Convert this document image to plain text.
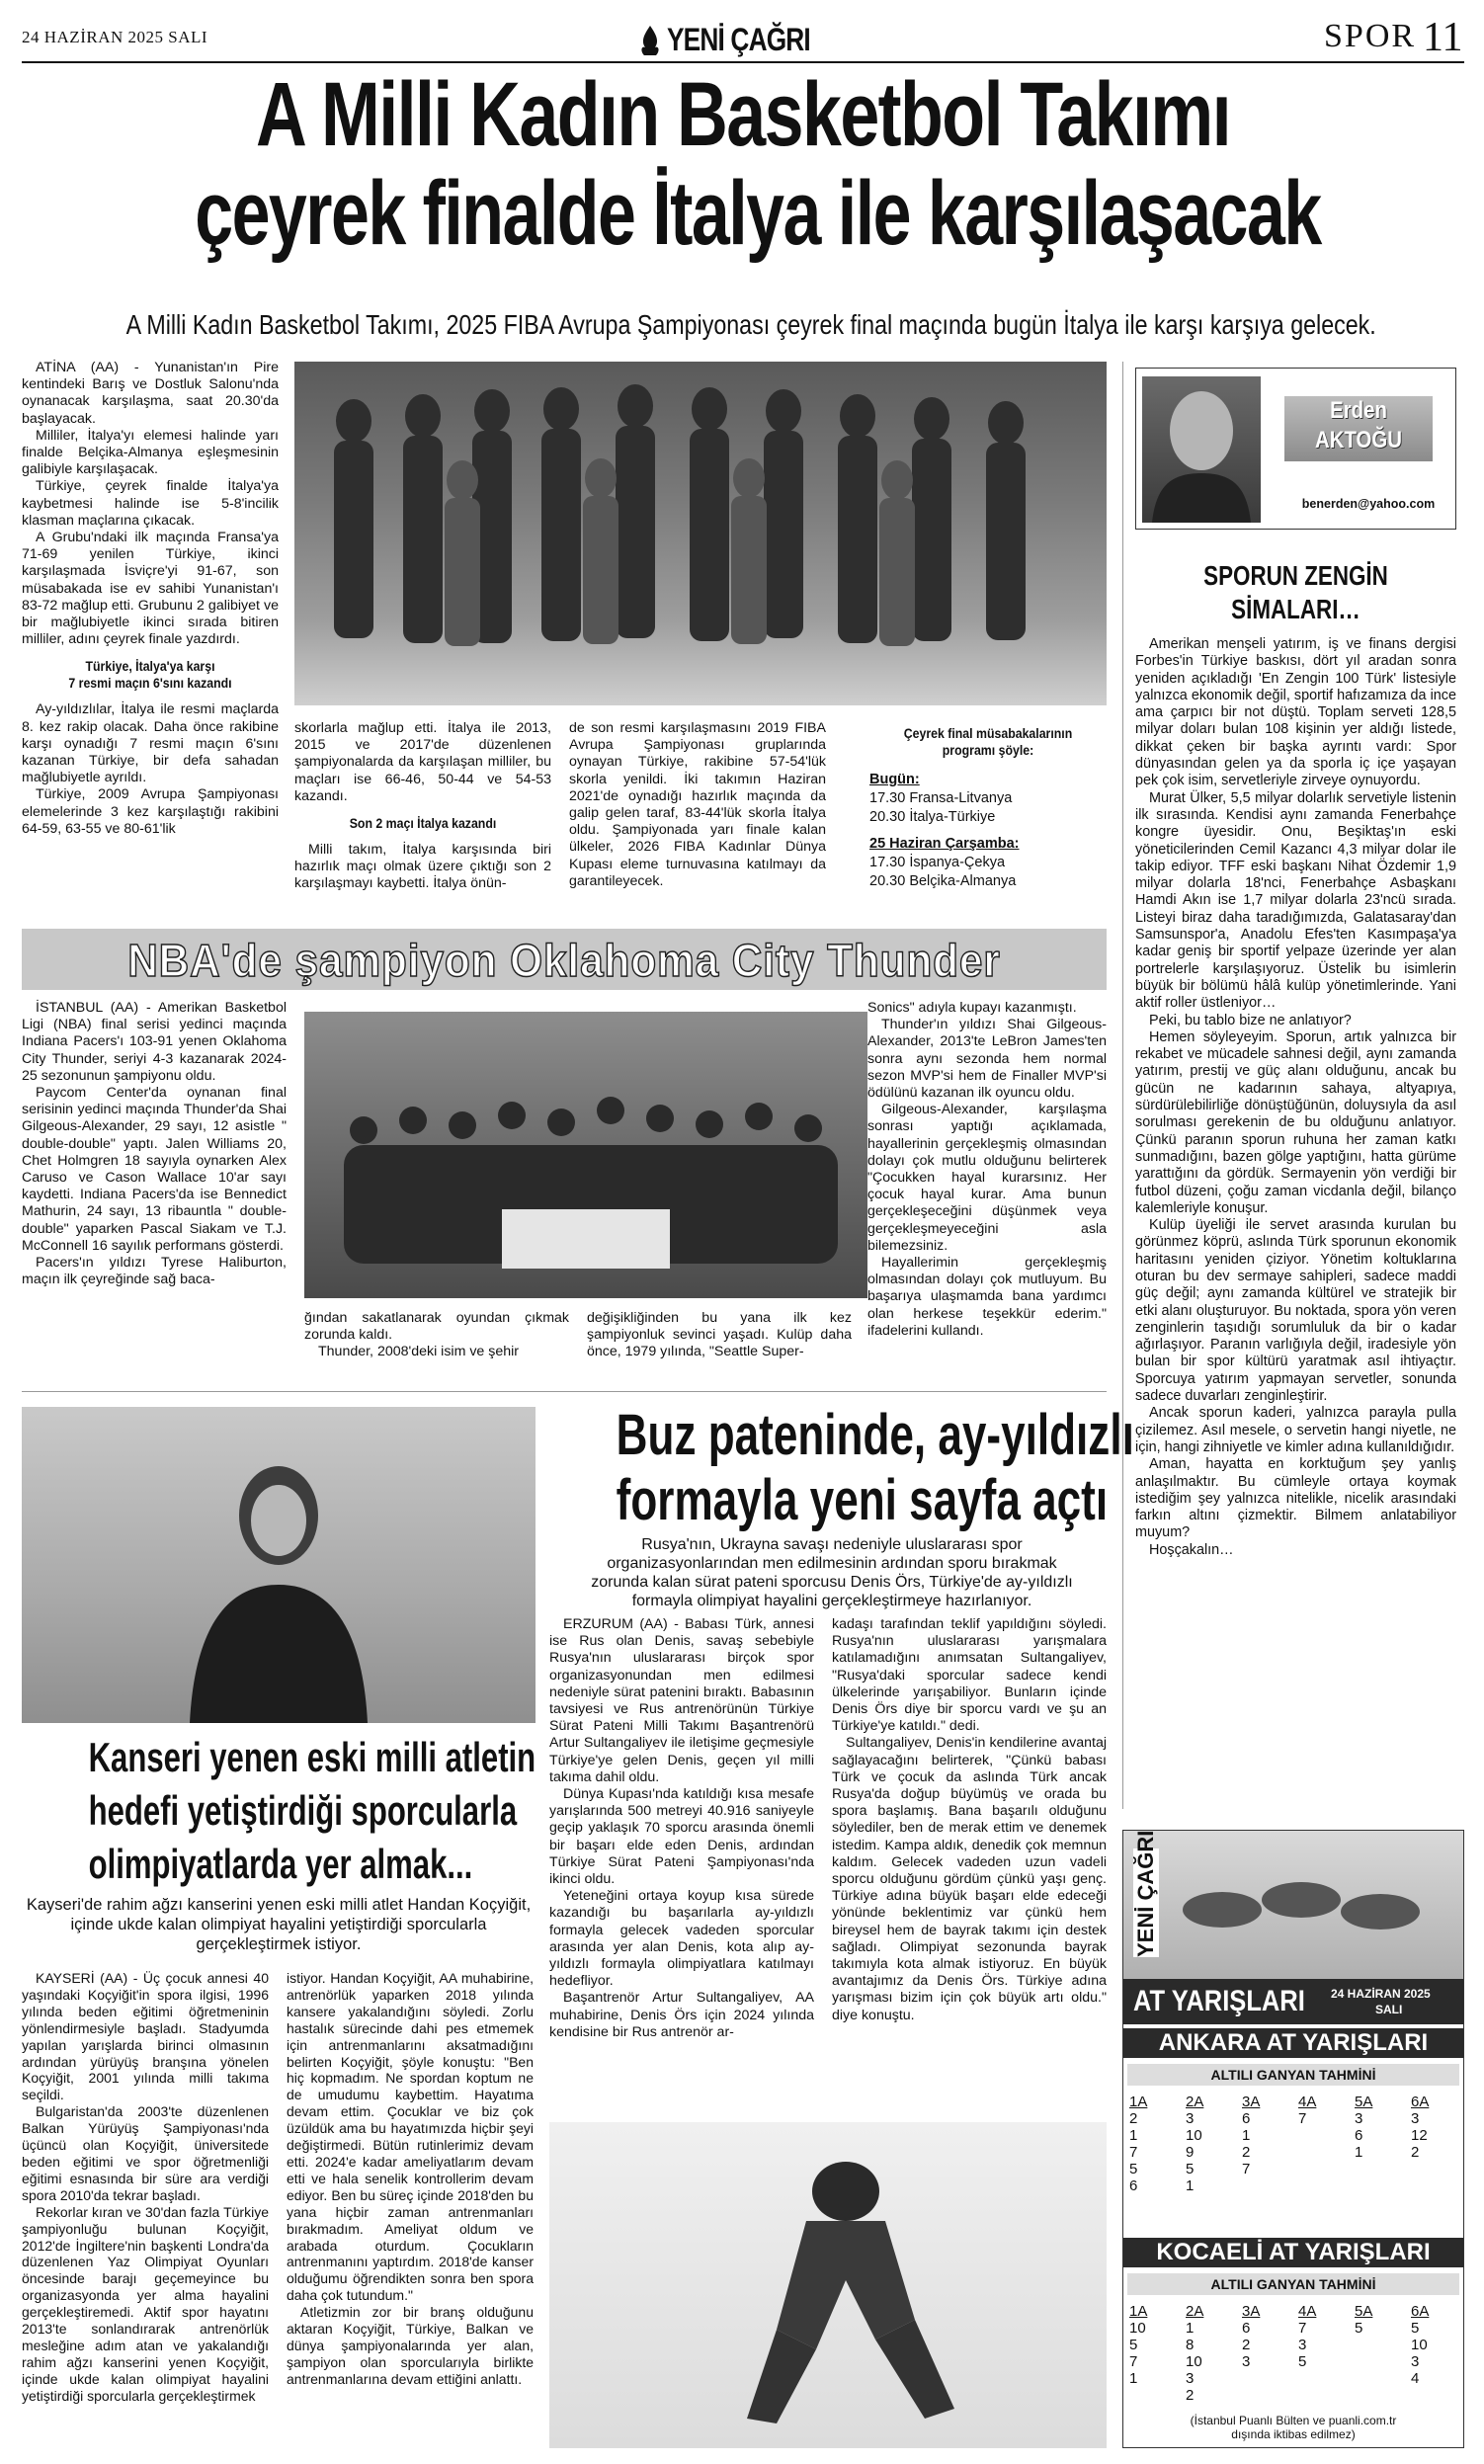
24 HAZİRAN 2025 SALI	YENİ ÇAĞRI	SPOR 11
A Milli Kadın Basketbol Takımı
çeyrek finalde İtalya ile karşılaşacak
A Milli Kadın Basketbol Takımı, 2025 FIBA Avrupa Şampiyonası çeyrek final maçında bugün İtalya ile karşı karşıya gelecek.
ATİNA (AA) - Yunanistan'ın Pire kentindeki Barış ve Dostluk Salonu'nda oynanacak karşılaşma, saat 20.30'da başlayacak.
Milliler, İtalya'yı elemesi halinde yarı finalde Belçika-Almanya eşleşmesinin galibiyle karşılaşacak.
Türkiye, çeyrek finalde İtalya'ya kaybetmesi halinde ise 5-8'incilik klasman maçlarına çıkacak.
A Grubu'ndaki ilk maçında Fransa'ya 71-69 yenilen Türkiye, ikinci karşılaşmada İsviçre'yi 91-67, son müsabakada ise ev sahibi Yunanistan'ı 83-72 mağlup etti. Grubunu 2 galibiyet ve bir mağlubiyetle ikinci sırada bitiren milliler, adını çeyrek finale yazdırdı.
Türkiye, İtalya'ya karşı
7 resmi maçın 6'sını kazandı
Ay-yıldızlılar, İtalya ile resmi maçlarda 8. kez rakip olacak. Daha önce rakibine karşı oynadığı 7 resmi maçın 6'sını kazanan Türkiye, bir defa sahadan mağlubiyetle ayrıldı.
Türkiye, 2009 Avrupa Şampiyonası elemelerinde 3 kez karşılaştığı rakibini 64-59, 63-55 ve 80-61'lik
skorlarla mağlup etti. İtalya ile 2013, 2015 ve 2017'de düzenlenen şampiyonalarda da karşılaşan milliler, bu maçları ise 66-46, 50-44 ve 54-53 kazandı.
Son 2 maçı İtalya kazandı
Milli takım, İtalya karşısında biri hazırlık maçı olmak üzere çıktığı son 2 karşılaşmayı kaybetti. İtalya önün-
de son resmi karşılaşmasını 2019 FIBA Avrupa Şampiyonası gruplarında oynayan Türkiye, rakibine 57-54'lük skorla yenildi. İki takımın Haziran 2021'de oynadığı hazırlık maçında da galip gelen taraf, 83-44'lük skorla İtalya oldu. Şampiyonada yarı finale kalan ülkeler, 2026 FIBA Kadınlar Dünya Kupası eleme turnuvasına katılmayı da garantileyecek.
Çeyrek final müsabakalarının
programı şöyle:
Bugün:
17.30 Fransa-Litvanya
20.30 İtalya-Türkiye
25 Haziran Çarşamba:
17.30 İspanya-Çekya
20.30 Belçika-Almanya
Erden
AKTOĞU
benerden@yahoo.com
SPORUN ZENGİN
SİMALARI…
Amerikan menşeli yatırım, iş ve finans dergisi Forbes'in Türkiye baskısı, dört yıl aradan sonra yeniden açıkladığı 'En Zengin 100 Türk' listesiyle yalnızca ekonomik değil, sportif hafızamıza da ince ama çarpıcı bir not düştü. Toplam serveti 128,5 milyar doları bulan 108 kişinin yer aldığı listede, dikkat çeken bir başka ayrıntı vardı: Spor dünyasından gelen ya da sporla iç içe yaşayan pek çok isim, servetleriyle zirveye oynuyordu.
Murat Ülker, 5,5 milyar dolarlık servetiyle listenin ilk sırasında. Kendisi aynı zamanda Fenerbahçe kongre üyesidir. Onu, Beşiktaş'ın eski yöneticilerinden Cemil Kazancı 4,3 milyar dolar ile takip ediyor. TFF eski başkanı Nihat Özdemir 1,9 milyar dolarla 18'nci, Fenerbahçe Asbaşkanı Hamdi Akın ise 1,7 milyar dolarla 23'ncü sırada. Listeyi biraz daha taradığımızda, Galatasaray'dan Samsunspor'a, Anadolu Efes'ten Kasımpaşa'ya kadar geniş bir sportif yelpaze üzerinde yer alan portrelerle karşılaşıyoruz. Üstelik bu isimlerin büyük bir bölümü hâlâ kulüp yönetimlerinde. Yani aktif roller üstleniyor…
Peki, bu tablo bize ne anlatıyor?
Hemen söyleyeyim. Sporun, artık yalnızca bir rekabet ve mücadele sahnesi değil, aynı zamanda yatırım, prestij ve güç alanı olduğunu, ancak bu gücün ne kadarının sahaya, altyapıya, sürdürülebilirliğe dönüştüğünün, doluysıyla da asıl sorulması gerekenin de bu olduğunu anlatıyor. Çünkü paranın sporun ruhuna her zaman katkı sunmadığını, bazen gölge yaptığını, hatta gürüme yarattığını da gördük. Sermayenin yön verdiği bir futbol düzeni, çoğu zaman vicdanla değil, bilanço kalemleriyle konuşur.
Kulüp üyeliği ile servet arasında kurulan bu görünmez köprü, aslında Türk sporunun ekonomik haritasını yeniden çiziyor. Yönetim koltuklarına oturan bu dev sermaye sahipleri, sadece maddi güç değil; aynı zamanda kültürel ve stratejik bir etki alanı oluşturuyor. Bu noktada, spora yön veren zenginlerin taşıdığı sorumluluk da bir o kadar ağırlaşıyor. Paranın varlığıyla değil, iradesiyle yön bulan bir spor kültürü yaratmak asıl ihtiyaçtır. Sporcuya yatırım yapmayan servetler, sonunda sadece duvarları zenginleştirir.
Ancak sporun kaderi, yalnızca parayla pulla çizilemez. Asıl mesele, o servetin hangi niyetle, ne için, hangi zihniyetle ve kimler adına kullanıldığıdır.
Aman, hayatta en korktuğum şey yanlış anlaşılmaktır. Bu cümleyle ortaya koymak istediğim şey yalnızca nitelikle, nicelik arasındaki farkın altını çizmektir. Bilmem anlatabiliyor muyum?
Hoşçakalın…
NBA'de şampiyon Oklahoma City Thunder
İSTANBUL (AA) - Amerikan Basketbol Ligi (NBA) final serisi yedinci maçında Indiana Pacers'ı 103-91 yenen Oklahoma City Thunder, seriyi 4-3 kazanarak 2024-25 sezonunun şampiyonu oldu.
Paycom Center'da oynanan final serisinin yedinci maçında Thunder'da Shai Gilgeous-Alexander, 29 sayı, 12 asistle " double-double" yaptı. Jalen Williams 20, Chet Holmgren 18 sayıyla oynarken Alex Caruso ve Cason Wallace 10'ar sayı kaydetti. Indiana Pacers'da ise Bennedict Mathurin, 24 sayı, 13 ribauntla " double-double" yaparken Pascal Siakam ve T.J. McConnell 16 sayılık performans gösterdi.
Pacers'ın yıldızı Tyrese Haliburton, maçın ilk çeyreğinde sağ baca-
ğından sakatlanarak oyundan çıkmak zorunda kaldı.
Thunder, 2008'deki isim ve şehir
değişikliğinden bu yana ilk kez şampiyonluk sevinci yaşadı. Kulüp daha önce, 1979 yılında, "Seattle Super-
Sonics" adıyla kupayı kazanmıştı.
Thunder'ın yıldızı Shai Gilgeous-Alexander, 2013'te LeBron James'ten sonra aynı sezonda hem normal sezon MVP'si hem de Finaller MVP'si ödülünü kazanan ilk oyuncu oldu.
Gilgeous-Alexander, karşılaşma sonrası yaptığı açıklamada, hayallerinin gerçekleşmiş olmasından dolayı çok mutlu olduğunu belirterek "Çocukken hayal kurarsınız. Her çocuk hayal kurar. Ama bunun gerçekleşeceğini düşünmek veya gerçekleşmeyeceğini asla bilemezsiniz.
Hayallerimin gerçekleşmiş olmasından dolayı çok mutluyum. Bu başarıya ulaşmamda bana yardımcı olan herkese teşekkür ederim." ifadelerini kullandı.
Buz pateninde, ay-yıldızlı
formayla yeni sayfa açtı
Rusya'nın, Ukrayna savaşı nedeniyle uluslararası spor organizasyonlarından men edilmesinin ardından sporu bırakmak zorunda kalan sürat pateni sporcusu Denis Örs, Türkiye'de ay-yıldızlı formayla olimpiyat hayalini gerçekleştirmeye hazırlanıyor.
ERZURUM (AA) - Babası Türk, annesi ise Rus olan Denis, savaş sebebiyle Rusya'nın uluslararası birçok spor organizasyonundan men edilmesi nedeniyle sürat patenini bıraktı. Babasının tavsiyesi ve Rus antrenörünün Türkiye Sürat Pateni Milli Takımı Başantrenörü Artur Sultangaliyev ile iletişime geçmesiyle Türkiye'ye gelen Denis, geçen yıl milli takıma dahil oldu.
Dünya Kupası'nda katıldığı kısa mesafe yarışlarında 500 metreyi 40.916 saniyeyle geçip yaklaşık 70 sporcu arasında önemli bir başarı elde eden Denis, ardından Türkiye Sürat Pateni Şampiyonası'nda ikinci oldu.
Yeteneğini ortaya koyup kısa sürede kazandığı bu başarılarla ay-yıldızlı formayla gelecek vadeden sporcular arasında yer alan Denis, kota alıp ay-yıldızlı formayla olimpiyatlara katılmayı hedefliyor.
Başantrenör Artur Sultangaliyev, AA muhabirine, Denis Örs için 2024 yılında kendisine bir Rus antrenör ar-
kadaşı tarafından teklif yapıldığını söyledi. Rusya'nın uluslararası yarışmalara katılamadığını anımsatan Sultangaliyev, "Rusya'daki sporcular sadece kendi ülkelerinde yarışabiliyor. Bunların içinde Denis Örs diye bir sporcu vardı ve şu an Türkiye'ye katıldı." dedi.
Sultangaliyev, Denis'in kendilerine avantaj sağlayacağını belirterek, "Çünkü babası Türk ve çocuk da aslında Türk ancak Rusya'da doğup büyümüş ve orada bu spora başlamış. Bana başarılı olduğunu söylediler, ben de merak ettim ve denemek istedim. Kampa aldık, denedik çok memnun kaldım. Gelecek vadeden uzun vadeli sporcu olduğunu gördüm çünkü yaşı genç. Türkiye adına büyük başarı elde edeceği yönünde beklentimiz var çünkü hem bireysel hem de bayrak takımı için destek sağladı. Olimpiyat sezonunda bayrak takımıyla kota almak istiyoruz. En büyük avantajımız da Denis Örs. Türkiye adına yarışması bizim için çok büyük artı oldu." diye konuştu.
Kanseri yenen eski milli atletin
hedefi yetiştirdiği sporcularla
olimpiyatlarda yer almak...
Kayseri'de rahim ağzı kanserini yenen eski milli atlet Handan Koçyiğit, içinde ukde kalan olimpiyat hayalini yetiştirdiği sporcularla gerçekleştirmek istiyor.
KAYSERİ (AA) - Üç çocuk annesi 40 yaşındaki Koçyiğit'in spora ilgisi, 1996 yılında beden eğitimi öğretmeninin yönlendirmesiyle başladı. Stadyumda yapılan yarışlarda birinci olmasının ardından yürüyüş branşına yönelen Koçyiğit, 2001 yılında milli takıma seçildi.
Bulgaristan'da 2003'te düzenlenen Balkan Yürüyüş Şampiyonası'nda üçüncü olan Koçyiğit, üniversitede beden eğitimi ve spor öğretmenliği eğitimi esnasında bir süre ara verdiği spora 2010'da tekrar başladı.
Rekorlar kıran ve 30'dan fazla Türkiye şampiyonluğu bulunan Koçyiğit, 2012'de İngiltere'nin başkenti Londra'da düzenlenen Yaz Olimpiyat Oyunları öncesinde barajı geçemeyince bu organizasyonda yer alma hayalini gerçekleştiremedi. Aktif spor hayatını 2013'te sonlandırarak antrenörlük mesleğine adım atan ve yakalandığı rahim ağzı kanserini yenen Koçyiğit, içinde ukde kalan olimpiyat hayalini yetiştirdiği sporcularla gerçekleştirmek
istiyor. Handan Koçyiğit, AA muhabirine, antrenörlük yaparken 2018 yılında kansere yakalandığını söyledi. Zorlu hastalık sürecinde dahi pes etmemek için antrenmanlarını aksatmadığını belirten Koçyiğit, şöyle konuştu: "Ben hiç kopmadım. Ne spordan koptum ne de umudumu kaybettim. Hayatıma devam ettim. Çocuklar ve biz çok üzüldük ama bu hayatımızda hiçbir şeyi değiştirmedi. Bütün rutinlerimiz devam etti. 2024'e kadar ameliyatlarım devam etti ve hala senelik kontrollerim devam ediyor. Ben bu süreç içinde 2018'den bu yana hiçbir zaman antrenmanları bırakmadım. Ameliyat oldum ve arabada oturdum. Çocukların antrenmanını yaptırdım. 2018'de kanser olduğumu öğrendikten sonra ben spora daha çok tutundum."
Atletizmin zor bir branş olduğunu aktaran Koçyiğit, Türkiye, Balkan ve dünya şampiyonalarında yer alan, şampiyon olan sporcularıyla birlikte antrenmanlarına devam ettiğini anlattı.
YENİ ÇAĞRI
AT YARIŞLARI 24 HAZİRAN 2025
SALI
ANKARA AT YARIŞLARI
ALTILI GANYAN TAHMİNİ
1A	2A	3A	4A	5A	6A
2	3	6	7	3	3
1	10	1		6	12
7	9	2		1	2
5	5	7			
6	1				
KOCAELİ AT YARIŞLARI
ALTILI GANYAN TAHMİNİ
1A	2A	3A	4A	5A	6A
10	1	6	7	5	5
5	8	2	3		10
7	10	3	5		3
1	3				4
	2				
(İstanbul Puanlı Bülten ve puanli.com.tr
dışında iktibas edilmez)
